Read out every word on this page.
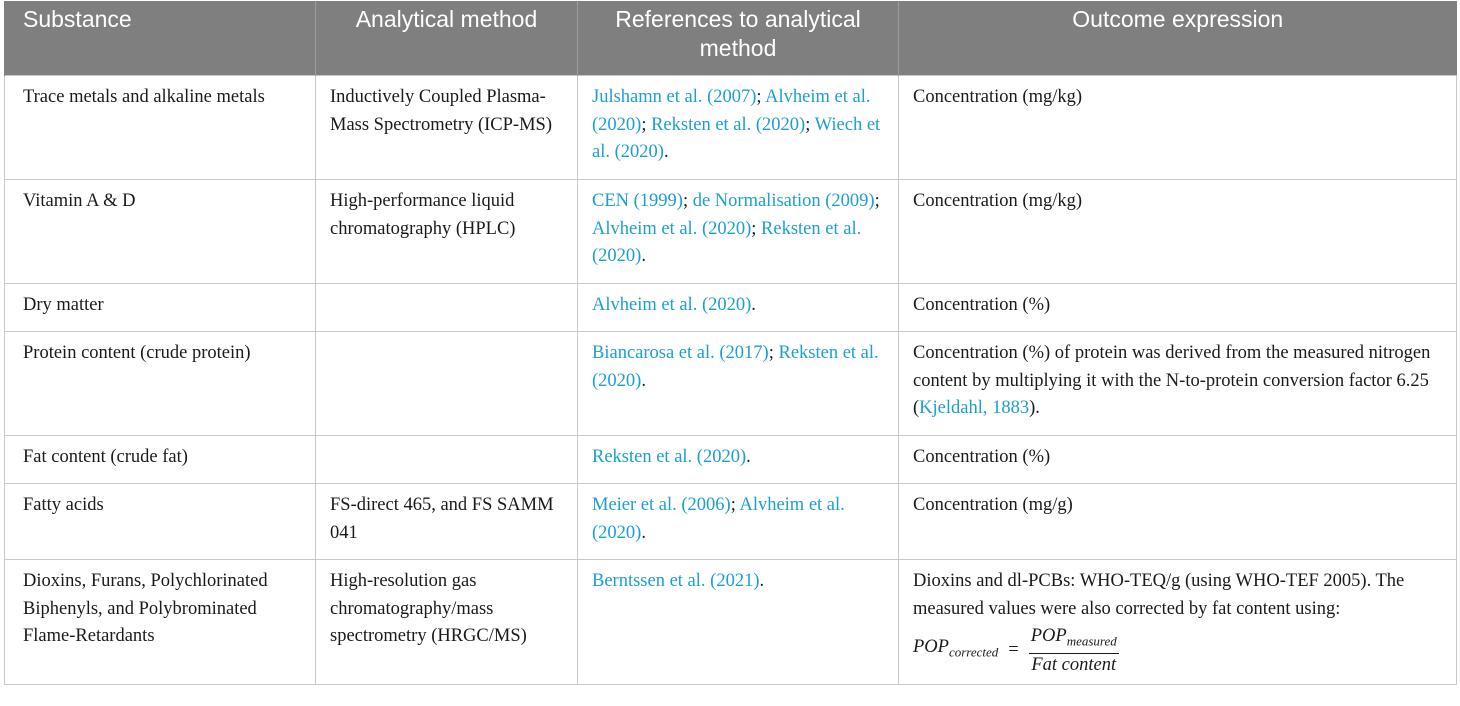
Substance	Analytical method	References to analytical method	Outcome expression
Trace metals and alkaline metals	Inductively Coupled Plasma-Mass Spectrometry (ICP-MS)	Julshamn et al. (2007); Alvheim et al. (2020); Reksten et al. (2020); Wiech et al. (2020).	Concentration (mg/kg)
Vitamin A & D	High-performance liquid chromatography (HPLC)	CEN (1999); de Normalisation (2009); Alvheim et al. (2020); Reksten et al. (2020).	Concentration (mg/kg)
Dry matter		Alvheim et al. (2020).	Concentration (%)
Protein content (crude protein)		Biancarosa et al. (2017); Reksten et al. (2020).	Concentration (%) of protein was derived from the measured nitrogen content by multiplying it with the N-to-protein conversion factor 6.25 (Kjeldahl, 1883).
Fat content (crude fat)		Reksten et al. (2020).	Concentration (%)
Fatty acids	FS-direct 465, and FS SAMM 041	Meier et al. (2006); Alvheim et al. (2020).	Concentration (mg/g)
Dioxins, Furans, Polychlorinated Biphenyls, and Polybrominated Flame-Retardants	High-resolution gas chromatography/mass spectrometry (HRGC/MS)	Berntssen et al. (2021).	Dioxins and dl-PCBs: WHO-TEQ/g (using WHO-TEF 2005). The measured values were also corrected by fat content using:
$POP_{corrected} = \frac{POP_{measured}}{\text{Fat content}}$
